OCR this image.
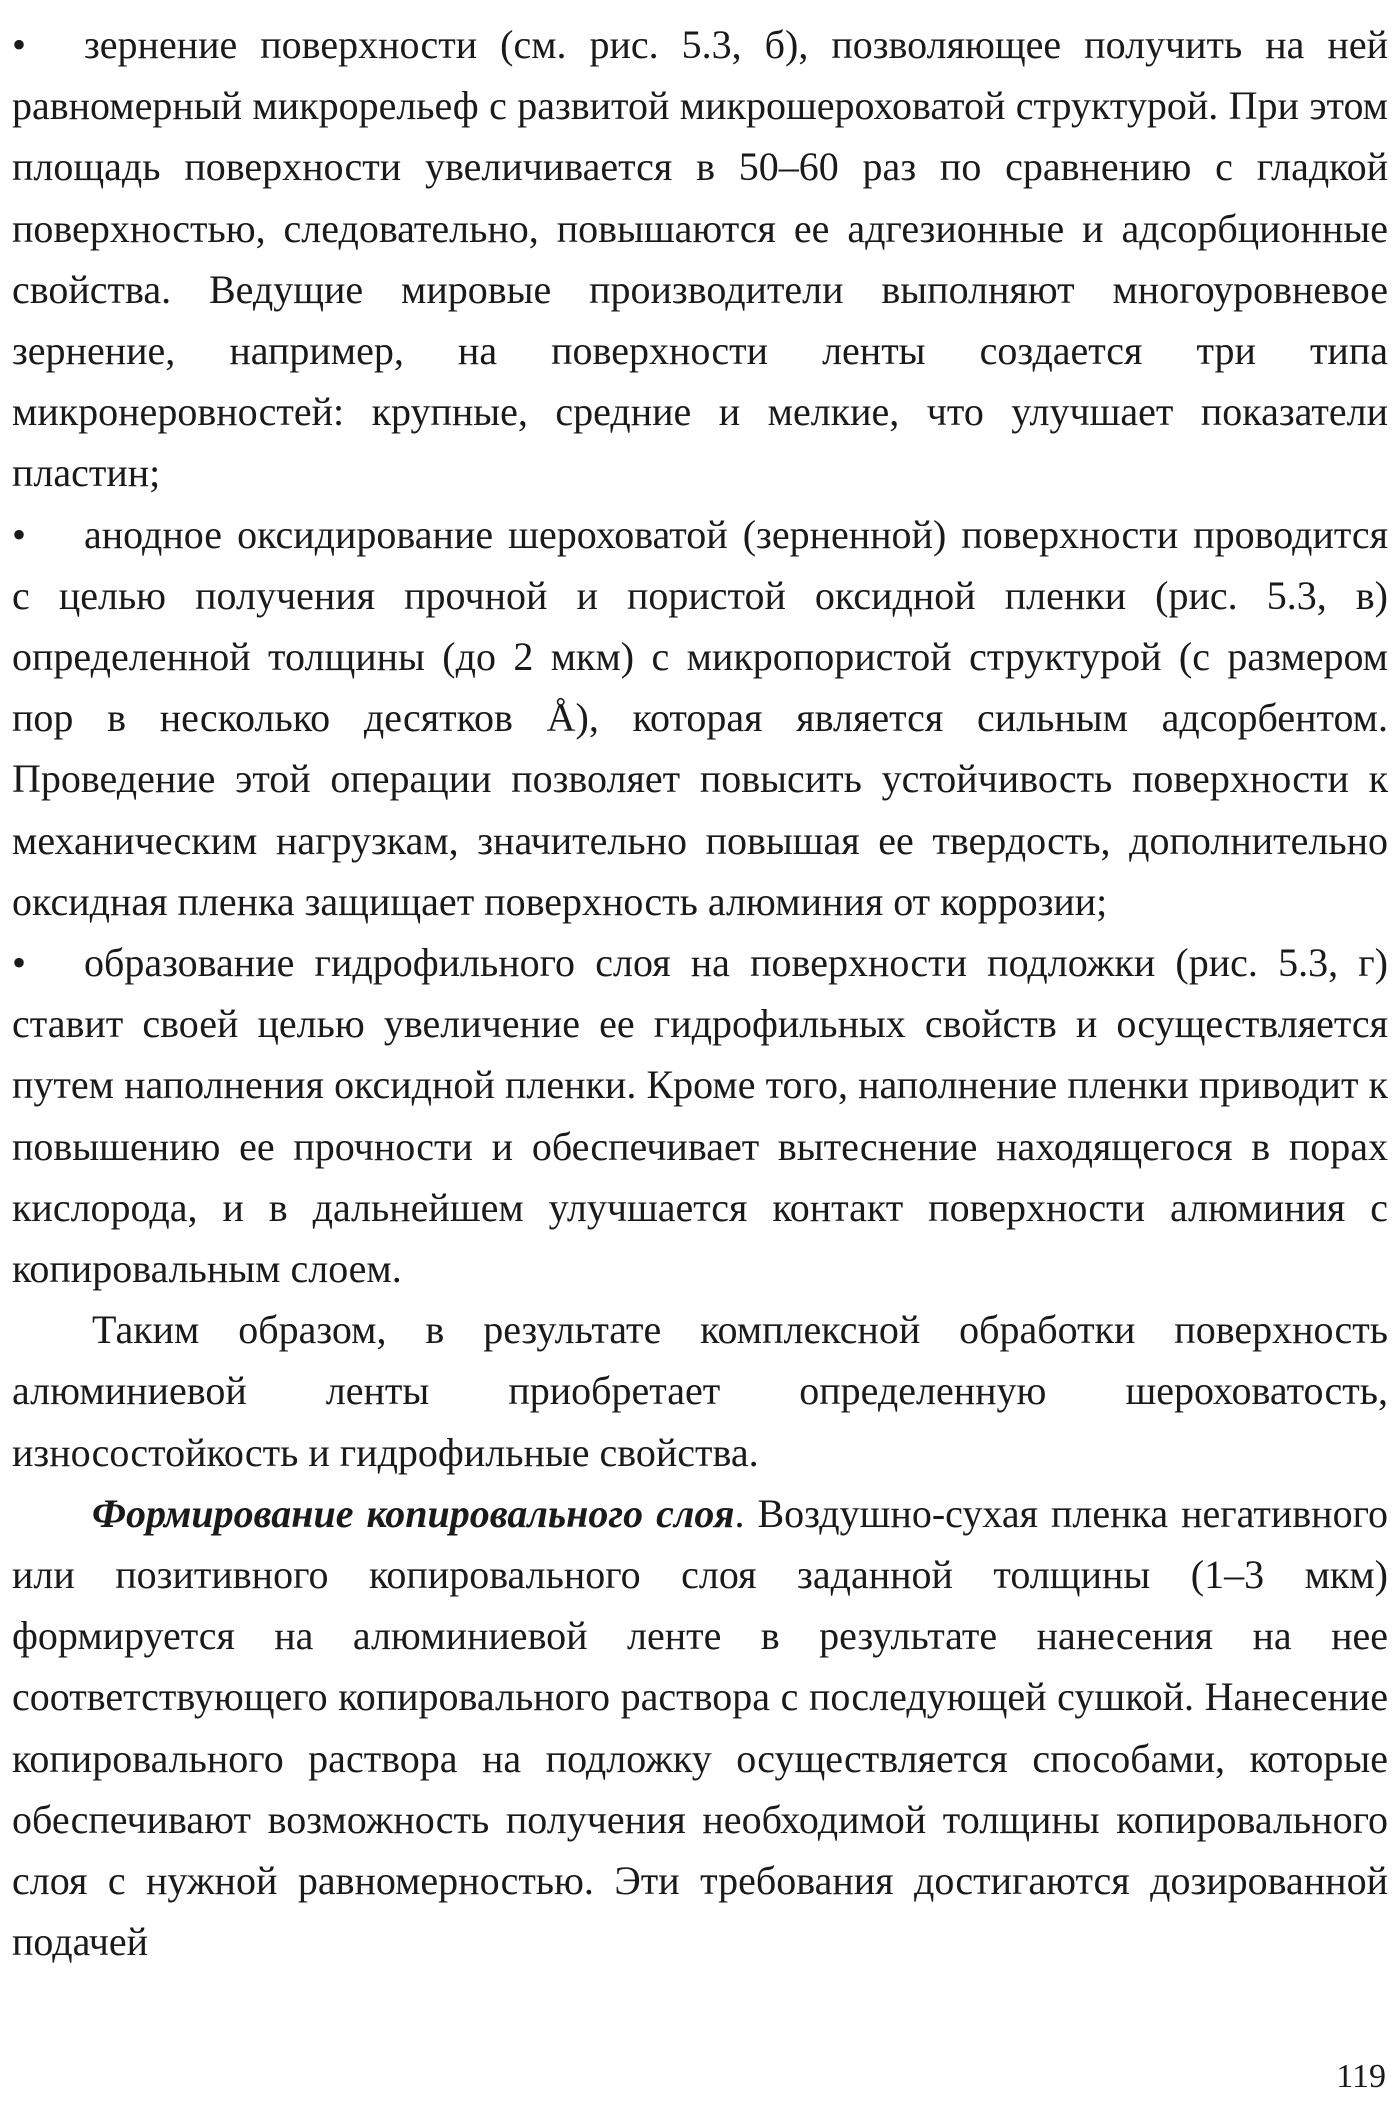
• зернение поверхности (см. рис. 5.3, б), позволяющее получить на ней равномерный микрорельеф с развитой микрошероховатой структурой. При этом площадь поверхности увеличивается в 50–60 раз по сравнению с гладкой поверхностью, следовательно, повышаются ее адгезионные и адсорбционные свойства. Ведущие мировые производители выполняют многоуровневое зернение, например, на поверхности ленты создается три типа микронеровностей: крупные, средние и мелкие, что улучшает показатели пластин;

• анодное оксидирование шероховатой (зерненной) поверхности проводится с целью получения прочной и пористой оксидной пленки (рис. 5.3, в) определенной толщины (до 2 мкм) с микропористой структурой (с размером пор в несколько десятков Å), которая является сильным адсорбентом. Проведение этой операции позволяет повысить устойчивость поверхности к механическим нагрузкам, значительно повышая ее твердость, дополнительно оксидная пленка защищает поверхность алюминия от коррозии;

• образование гидрофильного слоя на поверхности подложки (рис. 5.3, г) ставит своей целью увеличение ее гидрофильных свойств и осуществляется путем наполнения оксидной пленки. Кроме того, наполнение пленки приводит к повышению ее прочности и обеспечивает вытеснение находящегося в порах кислорода, и в дальнейшем улучшается контакт поверхности алюминия с копировальным слоем.

Таким образом, в результате комплексной обработки поверхность алюминиевой ленты приобретает определенную шероховатость, износостойкость и гидрофильные свойства.

Формирование копировального слоя. Воздушно-сухая пленка негативного или позитивного копировального слоя заданной толщины (1–3 мкм) формируется на алюминиевой ленте в результате нанесения на нее соответствующего копировального раствора с последующей сушкой. Нанесение копировального раствора на подложку осуществляется способами, которые обеспечивают возможность получения необходимой толщины копировального слоя с нужной равномерностью. Эти требования достигаются дозированной подачей

119
